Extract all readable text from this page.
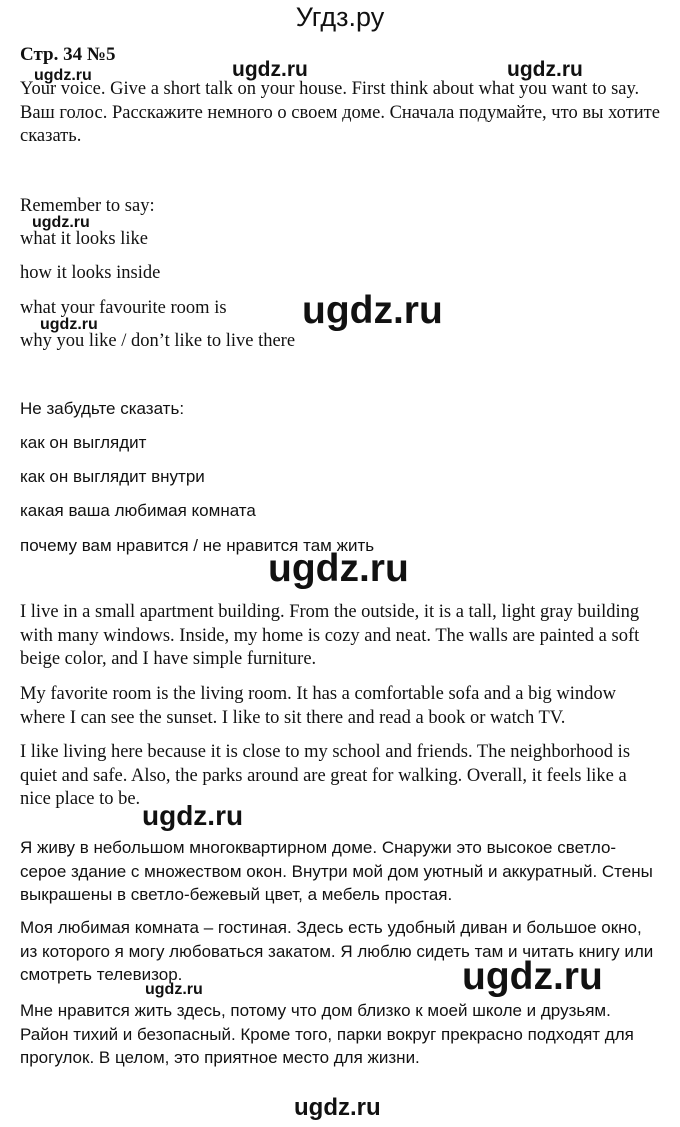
Угдз.ру
Стр. 34 №5
Your voice. Give a short talk on your house. First think about what you want to say. Ваш голос. Расскажите немного о своем доме. Сначала подумайте, что вы хотите сказать.
Remember to say:
what it looks like
how it looks inside
what your favourite room is
why you like / don’t like to live there
Не забудьте сказать:
как он выглядит
как он выглядит внутри
какая ваша любимая комната
почему вам нравится / не нравится там жить
I live in a small apartment building. From the outside, it is a tall, light gray building with many windows. Inside, my home is cozy and neat. The walls are painted a soft beige color, and I have simple furniture.
My favorite room is the living room. It has a comfortable sofa and a big window where I can see the sunset. I like to sit there and read a book or watch TV.
I like living here because it is close to my school and friends. The neighborhood is quiet and safe. Also, the parks around are great for walking. Overall, it feels like a nice place to be.
Я живу в небольшом многоквартирном доме. Снаружи это высокое светло-серое здание с множеством окон. Внутри мой дом уютный и аккуратный. Стены выкрашены в светло-бежевый цвет, а мебель простая.
Моя любимая комната – гостиная. Здесь есть удобный диван и большое окно, из которого я могу любоваться закатом. Я люблю сидеть там и читать книгу или смотреть телевизор.
Мне нравится жить здесь, потому что дом близко к моей школе и друзьям. Район тихий и безопасный. Кроме того, парки вокруг прекрасно подходят для прогулок. В целом, это приятное место для жизни.
ugdz.ru	ugdz.ru	ugdz.ru
ugdz.ru
ugdz.ru
ugdz.ru
ugdz.ru
ugdz.ru
ugdz.ru
ugdz.ru
ugdz.ru
